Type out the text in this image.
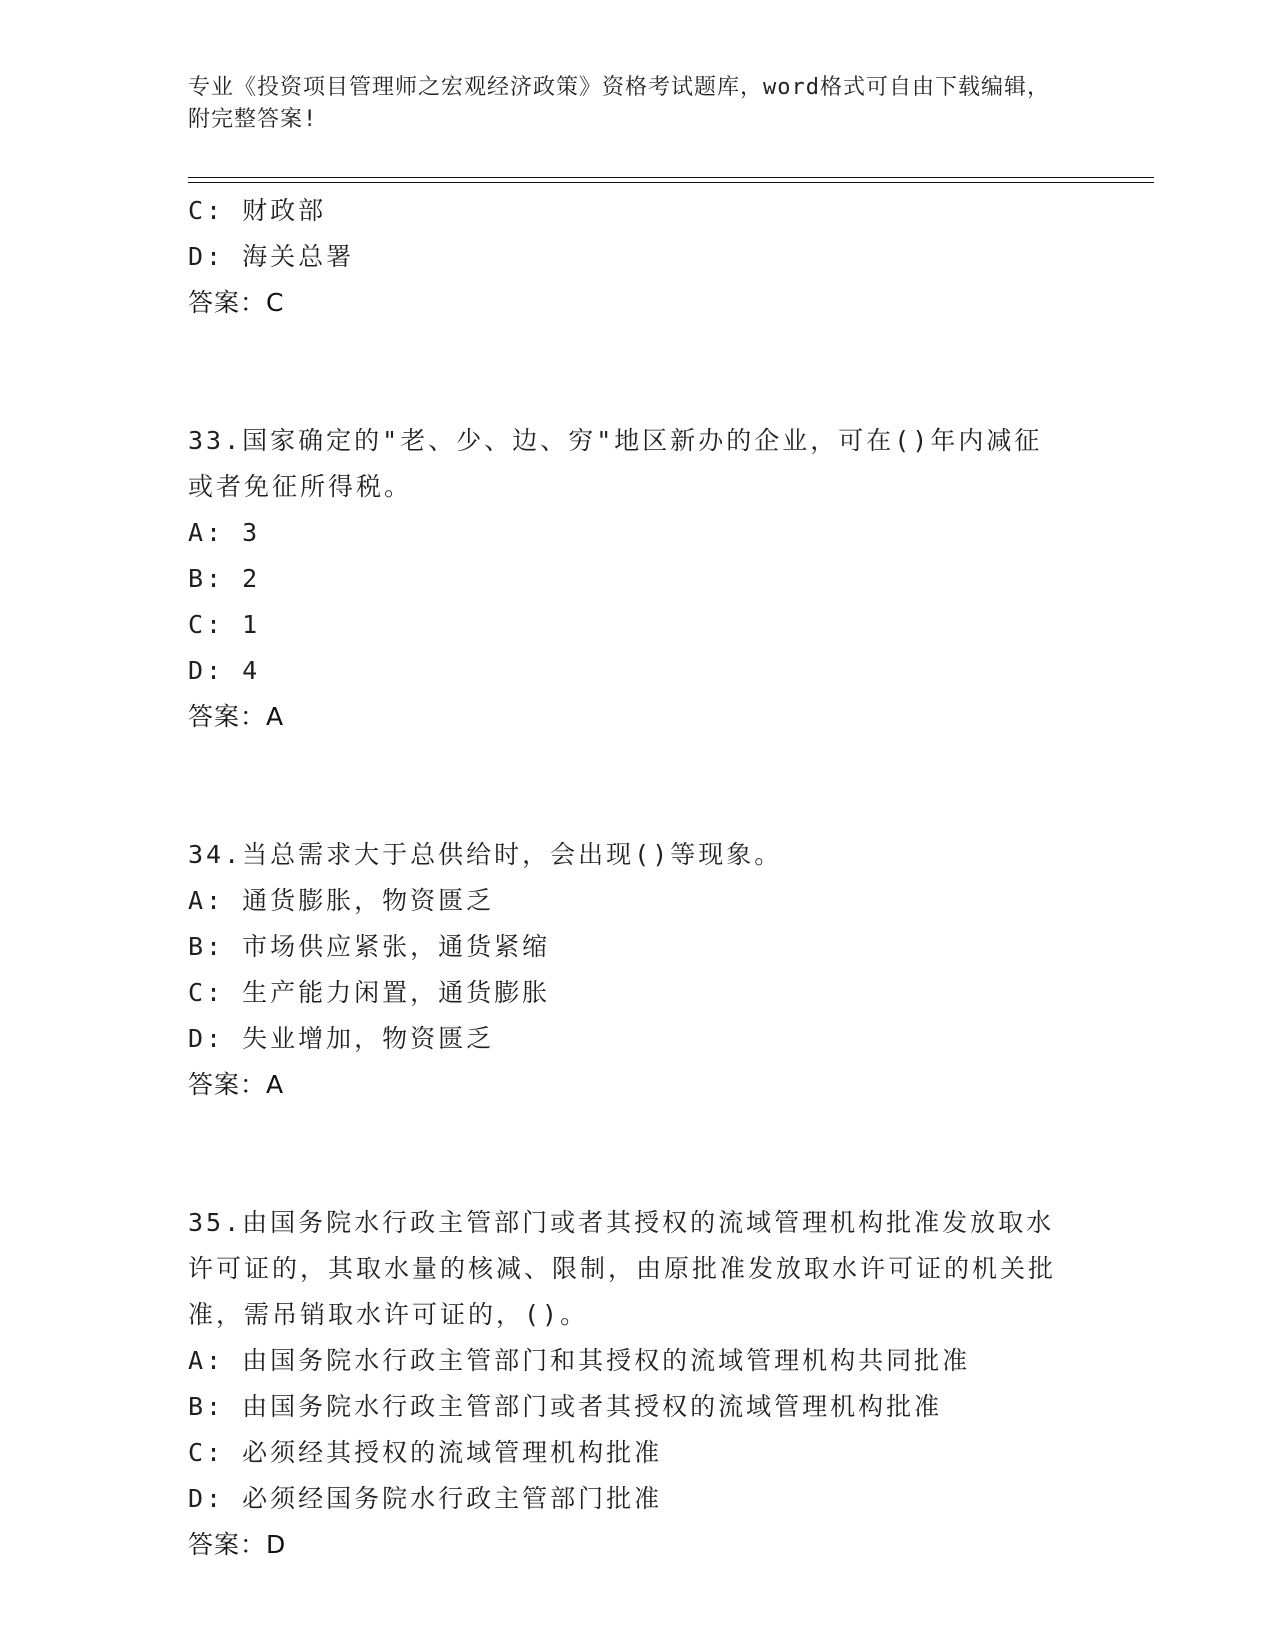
专业《投资项目管理师之宏观经济政策》资格考试题库，word格式可自由下载编辑，附完整答案!
C: 财政部
D: 海关总署
答案：C
33.国家确定的"老、少、边、穷"地区新办的企业，可在()年内减征或者免征所得税。
A: 3
B: 2
C: 1
D: 4
答案：A
34.当总需求大于总供给时，会出现()等现象。
A: 通货膨胀，物资匮乏
B: 市场供应紧张，通货紧缩
C: 生产能力闲置，通货膨胀
D: 失业增加，物资匮乏
答案：A
35.由国务院水行政主管部门或者其授权的流域管理机构批准发放取水许可证的，其取水量的核减、限制，由原批准发放取水许可证的机关批准，需吊销取水许可证的，()。
A: 由国务院水行政主管部门和其授权的流域管理机构共同批准
B: 由国务院水行政主管部门或者其授权的流域管理机构批准
C: 必须经其授权的流域管理机构批准
D: 必须经国务院水行政主管部门批准
答案：D
